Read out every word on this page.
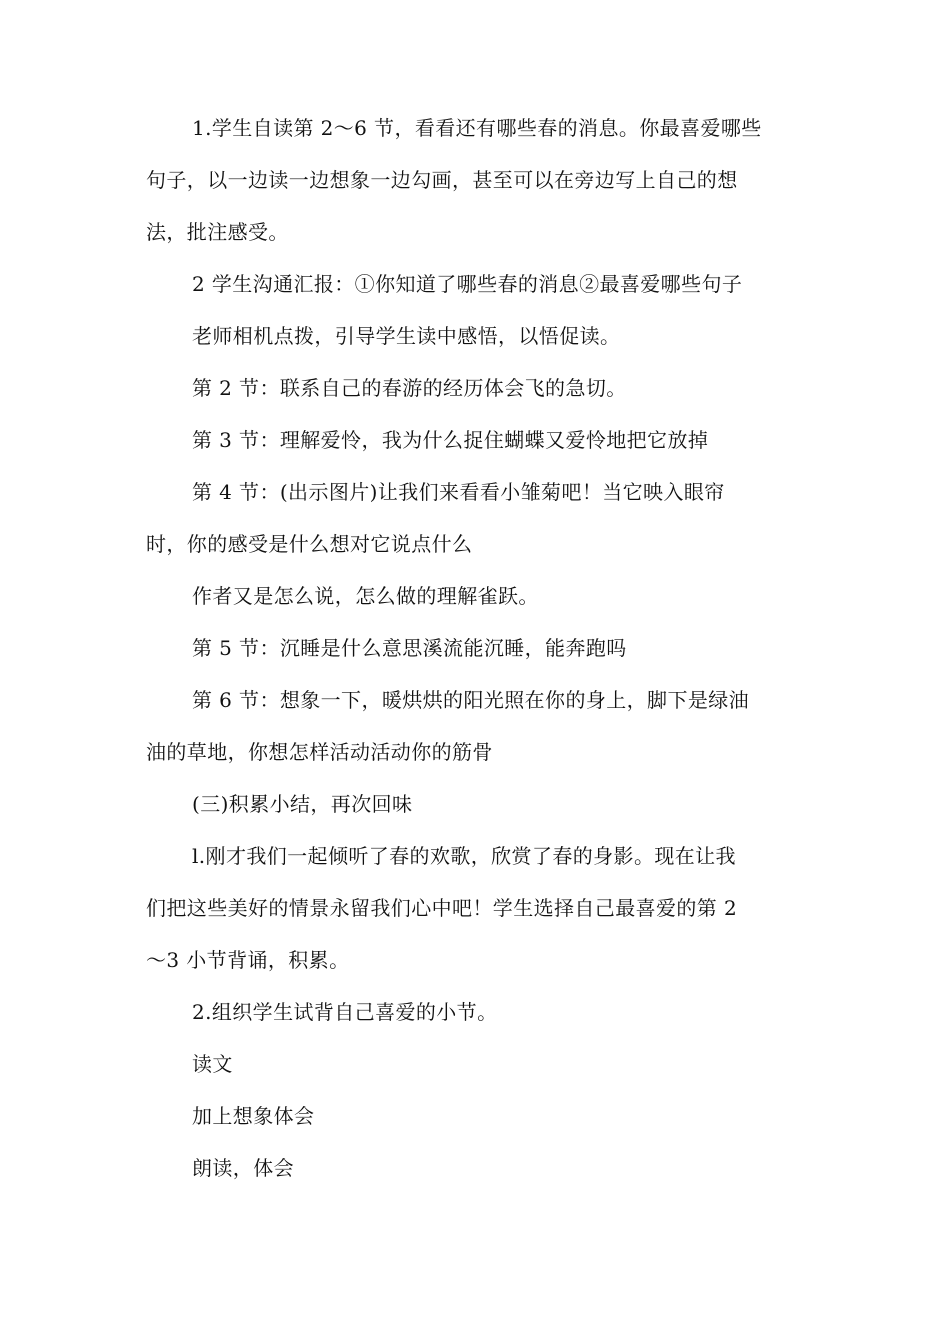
1.学生自读第 2～6 节，看看还有哪些春的消息。你最喜爱哪些
句子，以一边读一边想象一边勾画，甚至可以在旁边写上自己的想
法，批注感受。
2 学生沟通汇报：①你知道了哪些春的消息②最喜爱哪些句子
老师相机点拨，引导学生读中感悟，以悟促读。
第 2 节：联系自己的春游的经历体会飞的急切。
第 3 节：理解爱怜，我为什么捉住蝴蝶又爱怜地把它放掉
第 4 节：(出示图片)让我们来看看小雏菊吧！当它映入眼帘
时，你的感受是什么想对它说点什么
作者又是怎么说，怎么做的理解雀跃。
第 5 节：沉睡是什么意思溪流能沉睡，能奔跑吗
第 6 节：想象一下，暖烘烘的阳光照在你的身上，脚下是绿油
油的草地，你想怎样活动活动你的筋骨
(三)积累小结，再次回味
l.刚才我们一起倾听了春的欢歌，欣赏了春的身影。现在让我
们把这些美好的情景永留我们心中吧！学生选择自己最喜爱的第 2
～3 小节背诵，积累。
2.组织学生试背自己喜爱的小节。
读文
加上想象体会
朗读，体会
